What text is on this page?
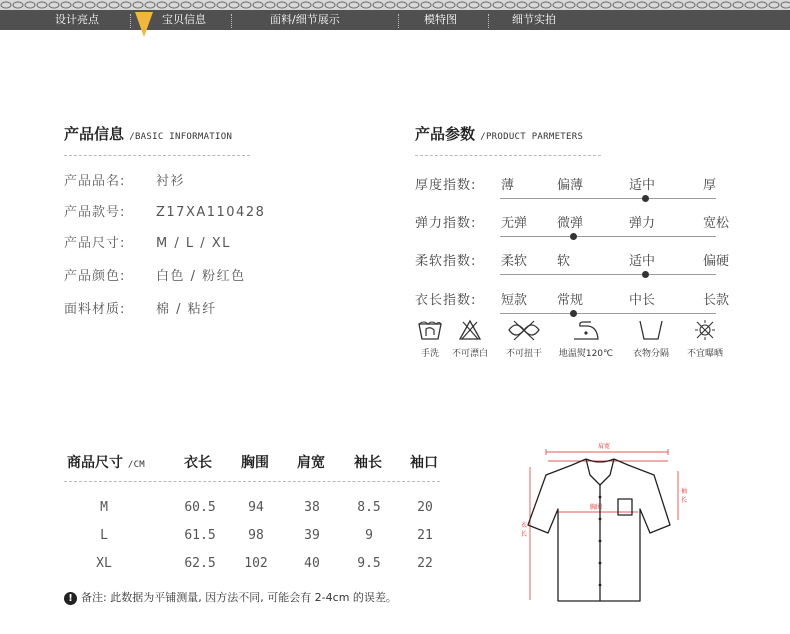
设计亮点	宝贝信息	面料/细节展示	模特图	细节实拍
产品信息 /BASIC INFORMATION
产品品名: 衬衫
产品款号: Z17XA110428
产品尺寸: M / L / XL
产品颜色: 白色 / 粉红色
面料材质: 棉 / 粘纤
产品参数 /PRODUCT PARMETERS
厚度指数: 薄	偏薄	适中	厚
弹力指数: 无弹 微弹	弹力	宽松
柔软指数: 柔软 软	适中	偏硬
衣长指数: 短款 常规	中长	长款
手洗	不可漂白	不可扭干	地温熨120℃	衣物分隔	不宜曝晒
商品尺寸 /CM	衣长 胸围 肩宽 袖长 袖口
M	60.5	94	38	8.5	20
L	61.5	98	39	9	21
XL	62.5 102	40	9.5	22
! 备注: 此数据为平铺测量, 因方法不同, 可能会有 2-4cm 的误差。
肩宽
胸围
衣
长
袖
长
